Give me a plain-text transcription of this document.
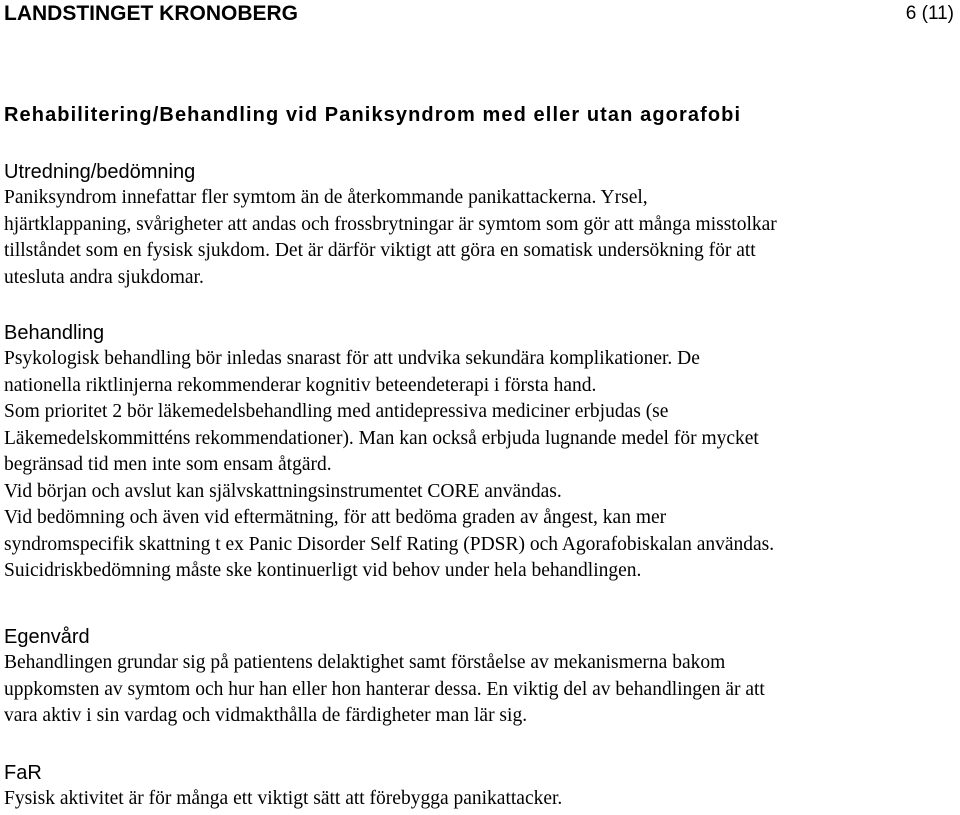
LANDSTINGET KRONOBERG	6 (11)
Rehabilitering/Behandling vid Paniksyndrom med eller utan agorafobi
Utredning/bedömning

Paniksyndrom innefattar fler symtom än de återkommande panikattackerna. Yrsel,
hjärtklappaning, svårigheter att andas och frossbrytningar är symtom som gör att många misstolkar
tillståndet som en fysisk sjukdom. Det är därför viktigt att göra en somatisk undersökning för att
utesluta andra sjukdomar.

Behandling

Psykologisk behandling bör inledas snarast för att undvika sekundära komplikationer. De
nationella riktlinjerna rekommenderar kognitiv beteendeterapi i första hand.
Som prioritet 2 bör läkemedelsbehandling med antidepressiva mediciner erbjudas (se
Läkemedelskommitténs rekommendationer). Man kan också erbjuda lugnande medel för mycket
begränsad tid men inte som ensam åtgärd.
Vid början och avslut kan självskattningsinstrumentet CORE användas.
Vid bedömning och även vid eftermätning, för att bedöma graden av ångest, kan mer
syndromspecifik skattning t ex Panic Disorder Self Rating (PDSR) och Agorafobiskalan användas.
Suicidriskbedömning måste ske kontinuerligt vid behov under hela behandlingen.

Egenvård

Behandlingen grundar sig på patientens delaktighet samt förståelse av mekanismerna bakom
uppkomsten av symtom och hur han eller hon hanterar dessa. En viktig del av behandlingen är att
vara aktiv i sin vardag och vidmakthålla de färdigheter man lär sig.

FaR

Fysisk aktivitet är för många ett viktigt sätt att förebygga panikattacker.
